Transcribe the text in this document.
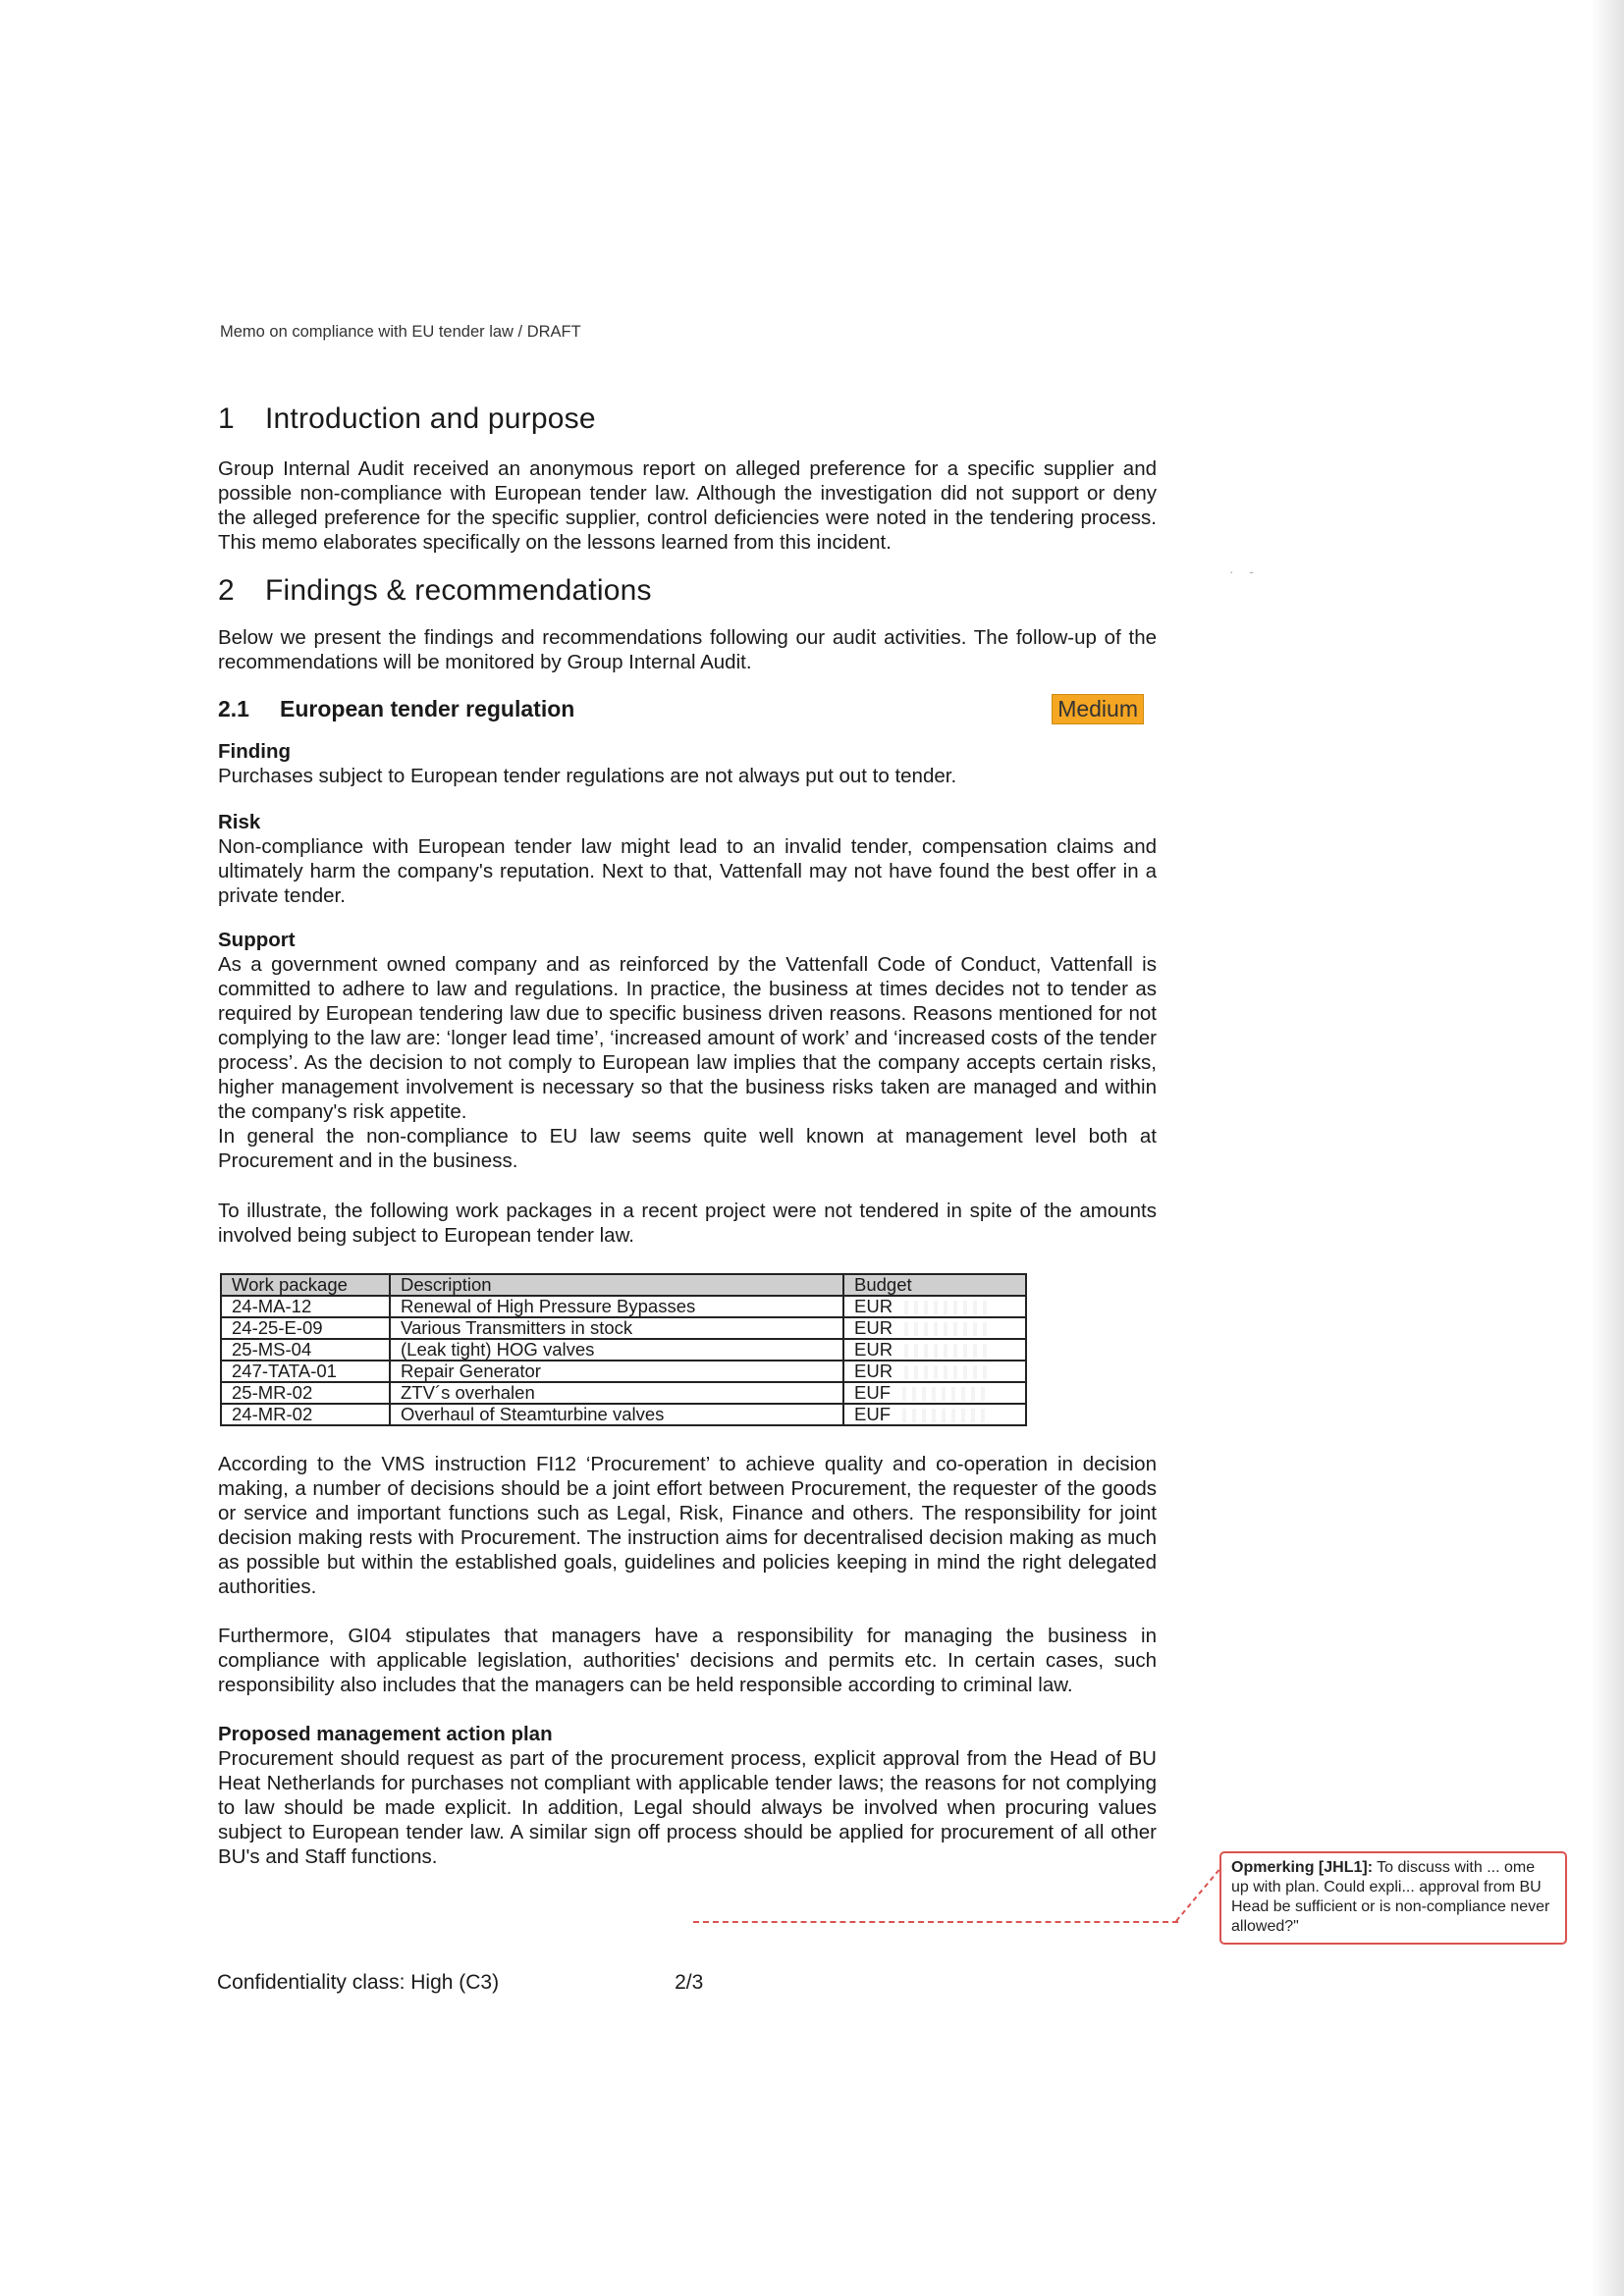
Memo on compliance with EU tender law / DRAFT
·    -
1 Introduction and purpose

Group Internal Audit received an anonymous report on alleged preference for a specific supplier and possible non-compliance with European tender law. Although the investigation did not support or deny the alleged preference for the specific supplier, control deficiencies were noted in the tendering process. This memo elaborates specifically on the lessons learned from this incident.

2 Findings & recommendations

Below we present the findings and recommendations following our audit activities. The follow-up of the recommendations will be monitored by Group Internal Audit.

2.1 European tender regulation	Medium
Finding

Purchases subject to European tender regulations are not always put out to tender.

Risk

Non-compliance with European tender law might lead to an invalid tender, compensation claims and ultimately harm the company's reputation. Next to that, Vattenfall may not have found the best offer in a private tender.

Support

As a government owned company and as reinforced by the Vattenfall Code of Conduct, Vattenfall is committed to adhere to law and regulations. In practice, the business at times decides not to tender as required by European tendering law due to specific business driven reasons. Reasons mentioned for not complying to the law are: ‘longer lead time’, ‘increased amount of work’ and ‘increased costs of the tender process’. As the decision to not comply to European law implies that the company accepts certain risks, higher management involvement is necessary so that the business risks taken are managed and within the company's risk appetite.

In general the non-compliance to EU law seems quite well known at management level both at Procurement and in the business.

To illustrate, the following work packages in a recent project were not tendered in spite of the amounts involved being subject to European tender law.

Work package	Description	Budget
24-MA-12	Renewal of High Pressure Bypasses	EUR
24-25-E-09	Various Transmitters in stock	EUR
25-MS-04	(Leak tight) HOG valves	EUR
247-TATA-01	Repair Generator	EUR
25-MR-02	ZTV´s overhalen	EUF
24-MR-02	Overhaul of Steamturbine valves	EUF

According to the VMS instruction FI12 ‘Procurement’ to achieve quality and co-operation in decision making, a number of decisions should be a joint effort between Procurement, the requester of the goods or service and important functions such as Legal, Risk, Finance and others. The responsibility for joint decision making rests with Procurement. The instruction aims for decentralised decision making as much as possible but within the established goals, guidelines and policies keeping in mind the right delegated authorities.

Furthermore, GI04 stipulates that managers have a responsibility for managing the business in compliance with applicable legislation, authorities' decisions and permits etc. In certain cases, such responsibility also includes that the managers can be held responsible according to criminal law.

Proposed management action plan

Procurement should request as part of the procurement process, explicit approval from the Head of BU Heat Netherlands for purchases not compliant with applicable tender laws; the reasons for not complying to law should be made explicit. In addition, Legal should always be involved when procuring values subject to European tender law. A similar sign off process should be applied for procurement of all other BU's and Staff functions.	Opmerking [JHL1]: To discuss with ... ome up with plan. Could expli... approval from BU Head be sufficient or is non-compliance never allowed?"
Confidentiality class: High (C3)	2/3
